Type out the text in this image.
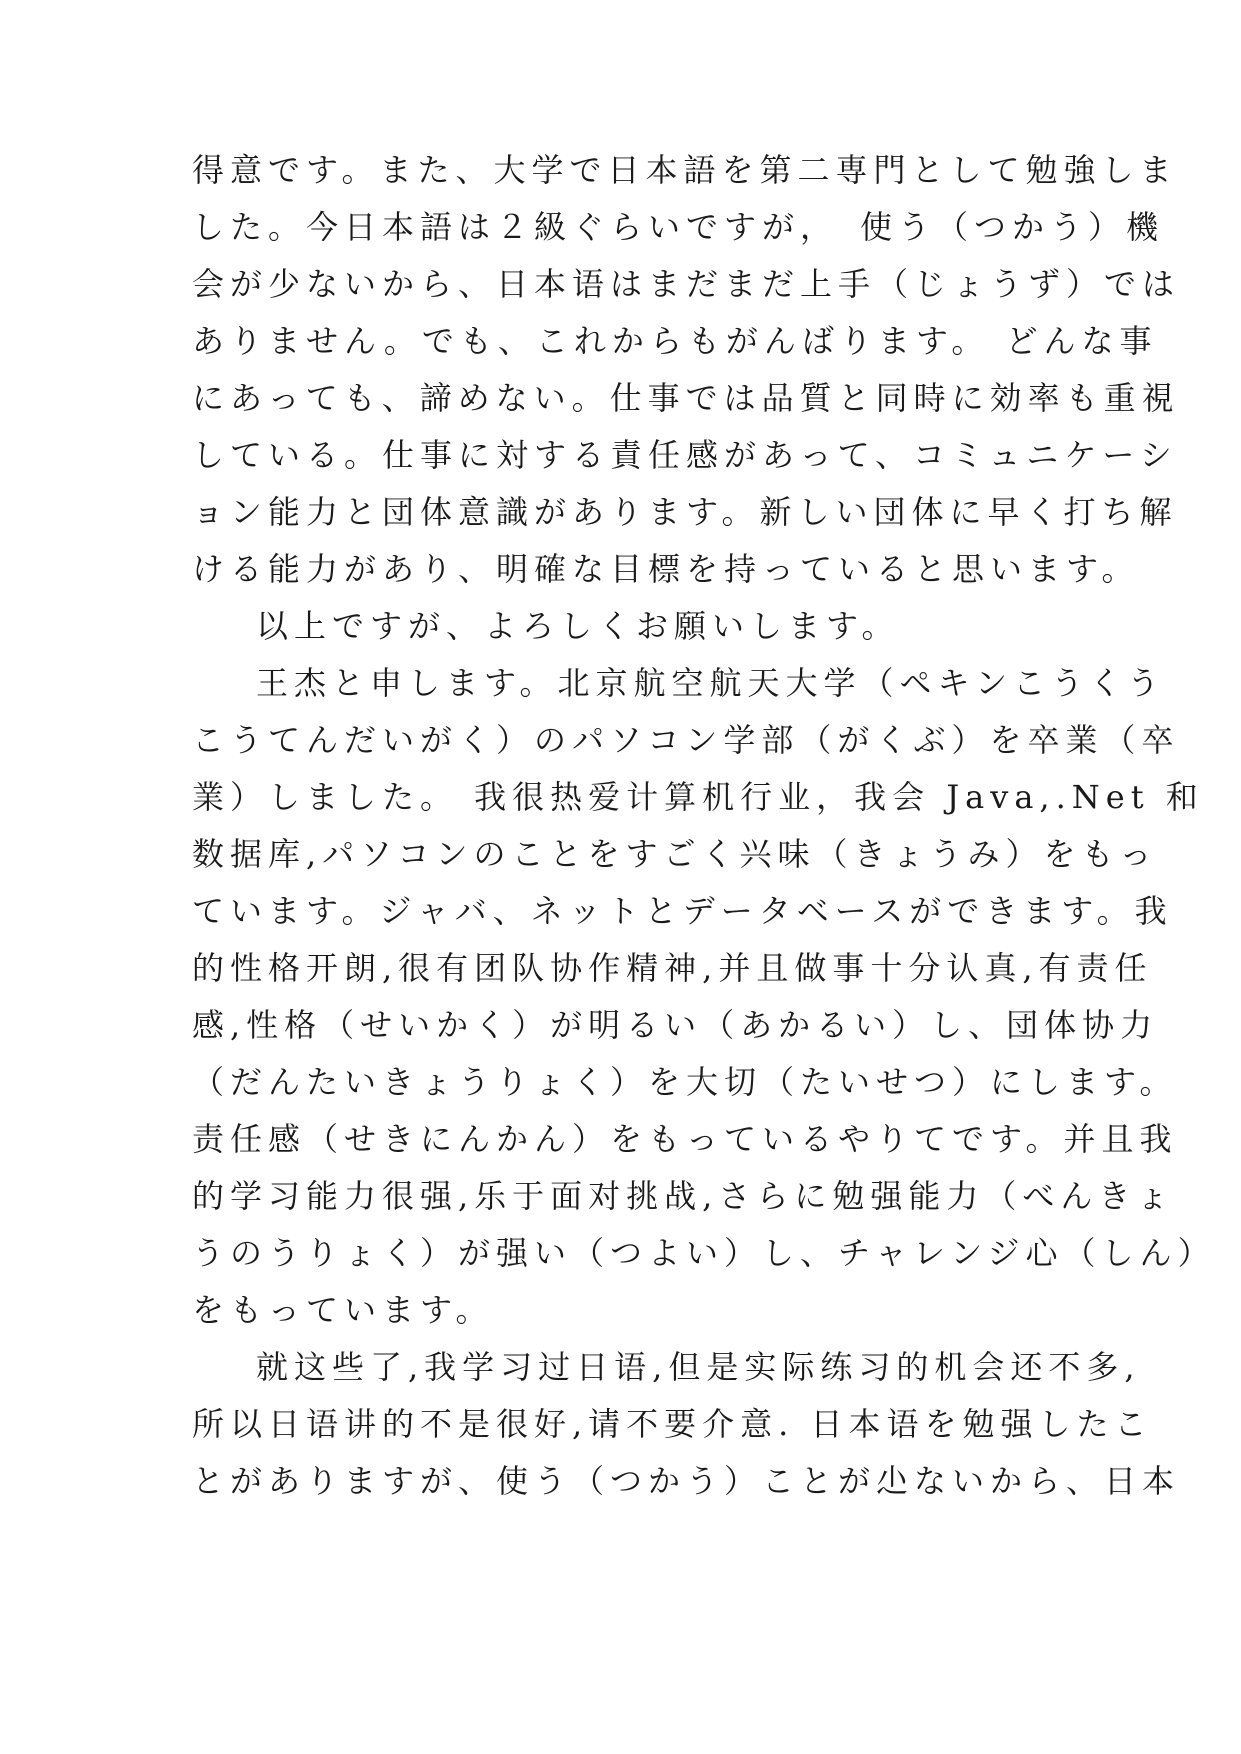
得意です。また、大学で日本語を第二専門として勉強しま
した。今日本語は２級ぐらいですが，　使う（つかう）機
会が少ないから、日本语はまだまだ上手（じょうず）では
ありません。でも、これからもがんばります。 どんな事
にあっても、諦めない。仕事では品質と同時に効率も重視
している。仕事に対する責任感があって、コミュニケーシ
ョン能力と団体意識があります。新しい団体に早く打ち解
ける能力があり、明確な目標を持っていると思います。
以上ですが、よろしくお願いします。
王杰と申します。北京航空航天大学（ペキンこうくう
こうてんだいがく）のパソコン学部（がくぶ）を卒業（卒
業）しました。 我很热爱计算机行业，我会 Java,.Net 和
数据库,パソコンのことをすごく兴味（きょうみ）をもっ
ています。ジャバ、ネットとデータベースができます。我
的性格开朗,很有团队协作精神,并且做事十分认真,有责任
感,性格（せいかく）が明るい（あかるい）し、団体协力
（だんたいきょうりょく）を大切（たいせつ）にします。
责任感（せきにんかん）をもっているやりてです。并且我
的学习能力很强,乐于面对挑战,さらに勉强能力（べんきょ
うのうりょく）が强い（つよい）し、チャレンジ心（しん）
をもっています。
就这些了,我学习过日语,但是实际练习的机会还不多,
所以日语讲的不是很好,请不要介意. 日本语を勉强したこ
とがありますが、使う（つかう）ことが尐ないから、日本
